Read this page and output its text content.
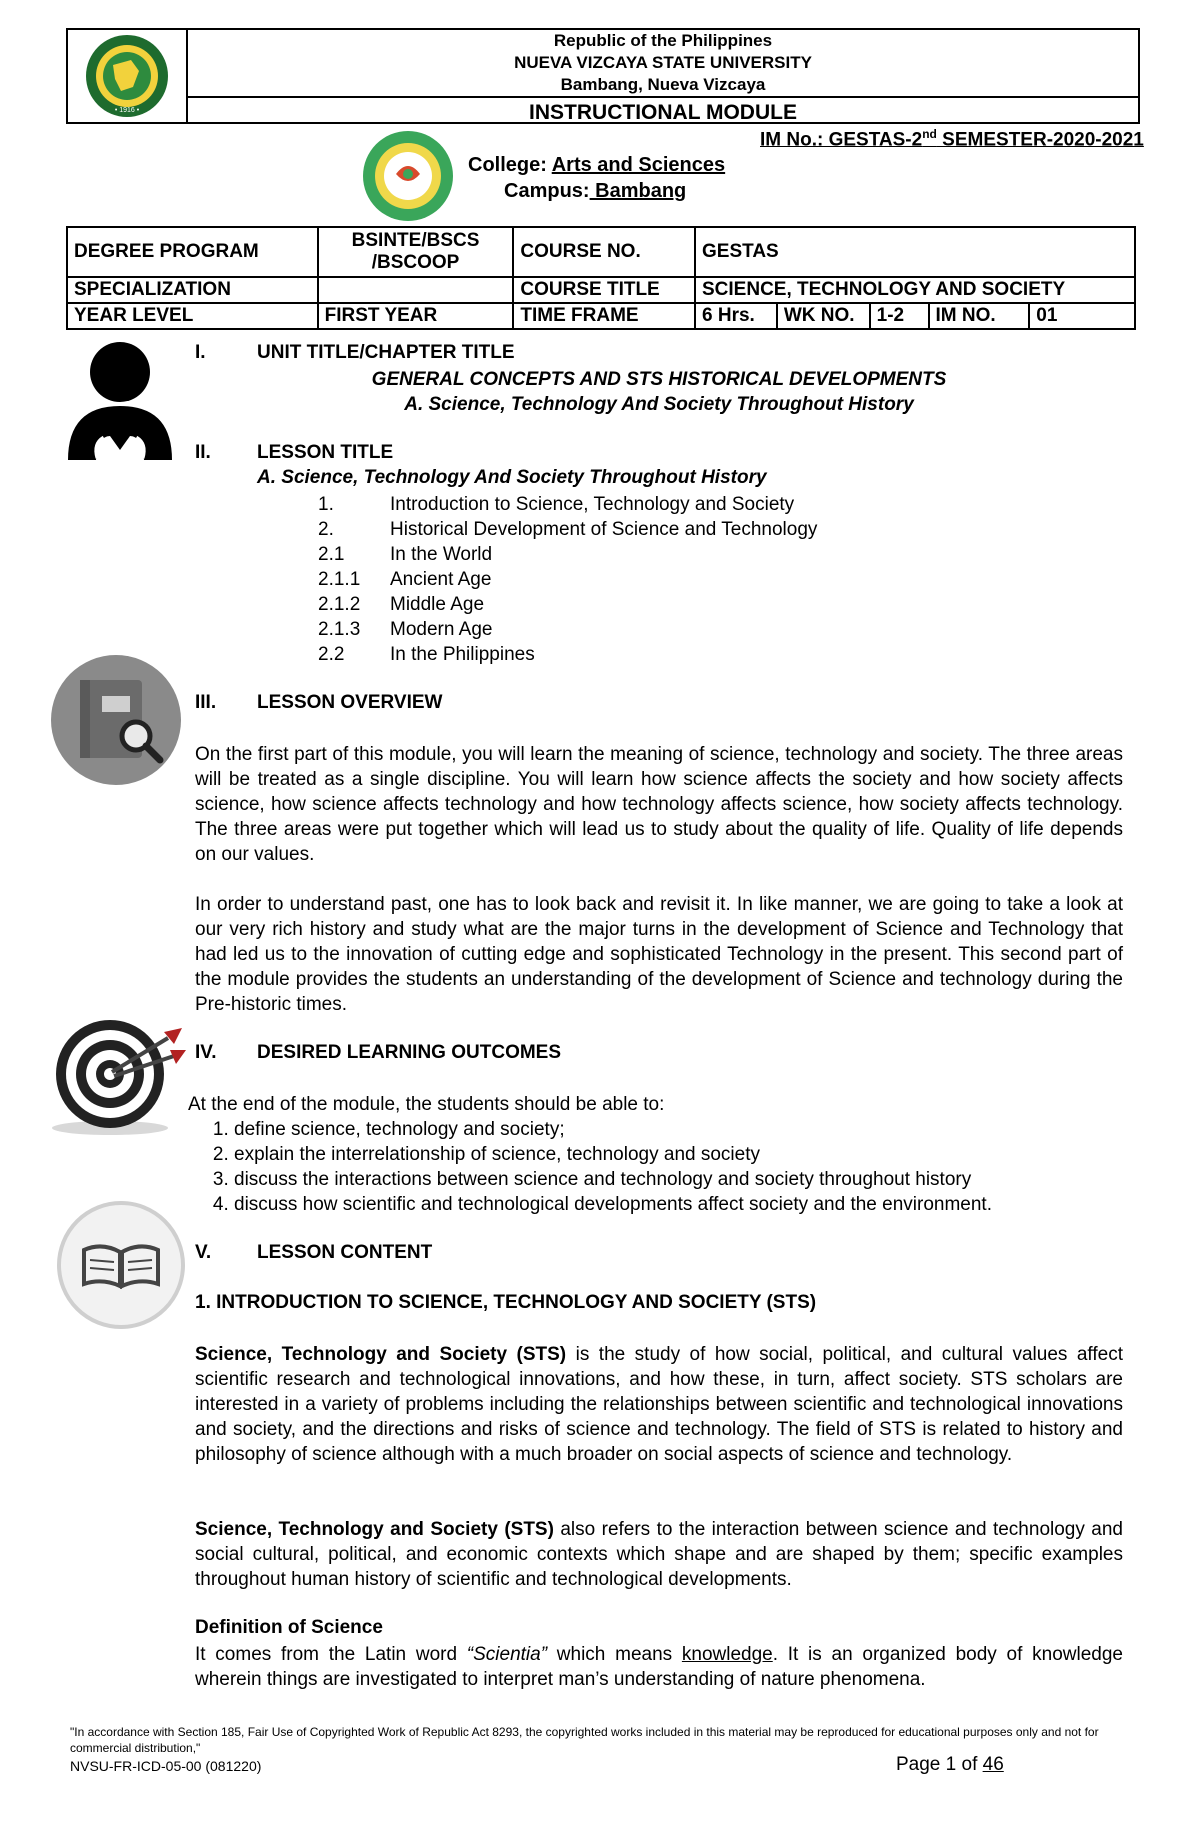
• 1916 •
Republic of the Philippines
NUEVA VIZCAYA STATE UNIVERSITY
Bambang, Nueva Vizcaya
INSTRUCTIONAL MODULE
IM No.: GESTAS-2nd SEMESTER-2020-2021
College: Arts and Sciences
Campus: Bambang
DEGREE PROGRAM	BSINTE/BSCS /BSCOOP	COURSE NO.	GESTAS				
SPECIALIZATION		COURSE TITLE	SCIENCE, TECHNOLOGY AND SOCIETY				
YEAR LEVEL	FIRST YEAR	TIME FRAME	6 Hrs.	WK NO.	1-2	IM NO.	01
I.	UNIT TITLE/CHAPTER TITLE
GENERAL CONCEPTS AND STS HISTORICAL DEVELOPMENTS
A. Science, Technology And Society Throughout History
II. LESSON TITLE
A. Science, Technology And Society Throughout History
1.	Introduction to Science, Technology and Society
2.	Historical Development of Science and Technology
2.1 In the World
2.1.1 Ancient Age
2.1.2 Middle Age
2.1.3 Modern Age
2.2 In the Philippines
III. LESSON OVERVIEW
On the first part of this module, you will learn the meaning of science, technology and society. The three areas will be treated as a single discipline. You will learn how science affects the society and how society affects science, how science affects technology and how technology affects science, how society affects technology. The three areas were put together which will lead us to study about the quality of life. Quality of life depends on our values.
In order to understand past, one has to look back and revisit it. In like manner, we are going to take a look at our very rich history and study what are the major turns in the development of Science and Technology that had led us to the innovation of cutting edge and sophisticated Technology in the present. This second part of the module provides the students an understanding of the development of Science and technology during the Pre-historic times.
IV. DESIRED LEARNING OUTCOMES
At the end of the module, the students should be able to:
1. define science, technology and society;
2. explain the interrelationship of science, technology and society
3. discuss the interactions between science and technology and society throughout history
4. discuss how scientific and technological developments affect society and the environment.
V. LESSON CONTENT
1. INTRODUCTION TO SCIENCE, TECHNOLOGY AND SOCIETY (STS)
Science, Technology and Society (STS) is the study of how social, political, and cultural values affect scientific research and technological innovations, and how these, in turn, affect society. STS scholars are interested in a variety of problems including the relationships between scientific and technological innovations and society, and the directions and risks of science and technology. The field of STS is related to history and philosophy of science although with a much broader on social aspects of science and technology.
Science, Technology and Society (STS) also refers to the interaction between science and technology and social cultural, political, and economic contexts which shape and are shaped by them; specific examples throughout human history of scientific and technological developments.
Definition of Science
It comes from the Latin word “Scientia” which means knowledge. It is an organized body of knowledge wherein things are investigated to interpret man’s understanding of nature phenomena.
"In accordance with Section 185, Fair Use of Copyrighted Work of Republic Act 8293, the copyrighted works included in this material may be reproduced for educational purposes only and not for commercial distribution,"
NVSU-FR-ICD-05-00 (081220)	Page 1 of 46
